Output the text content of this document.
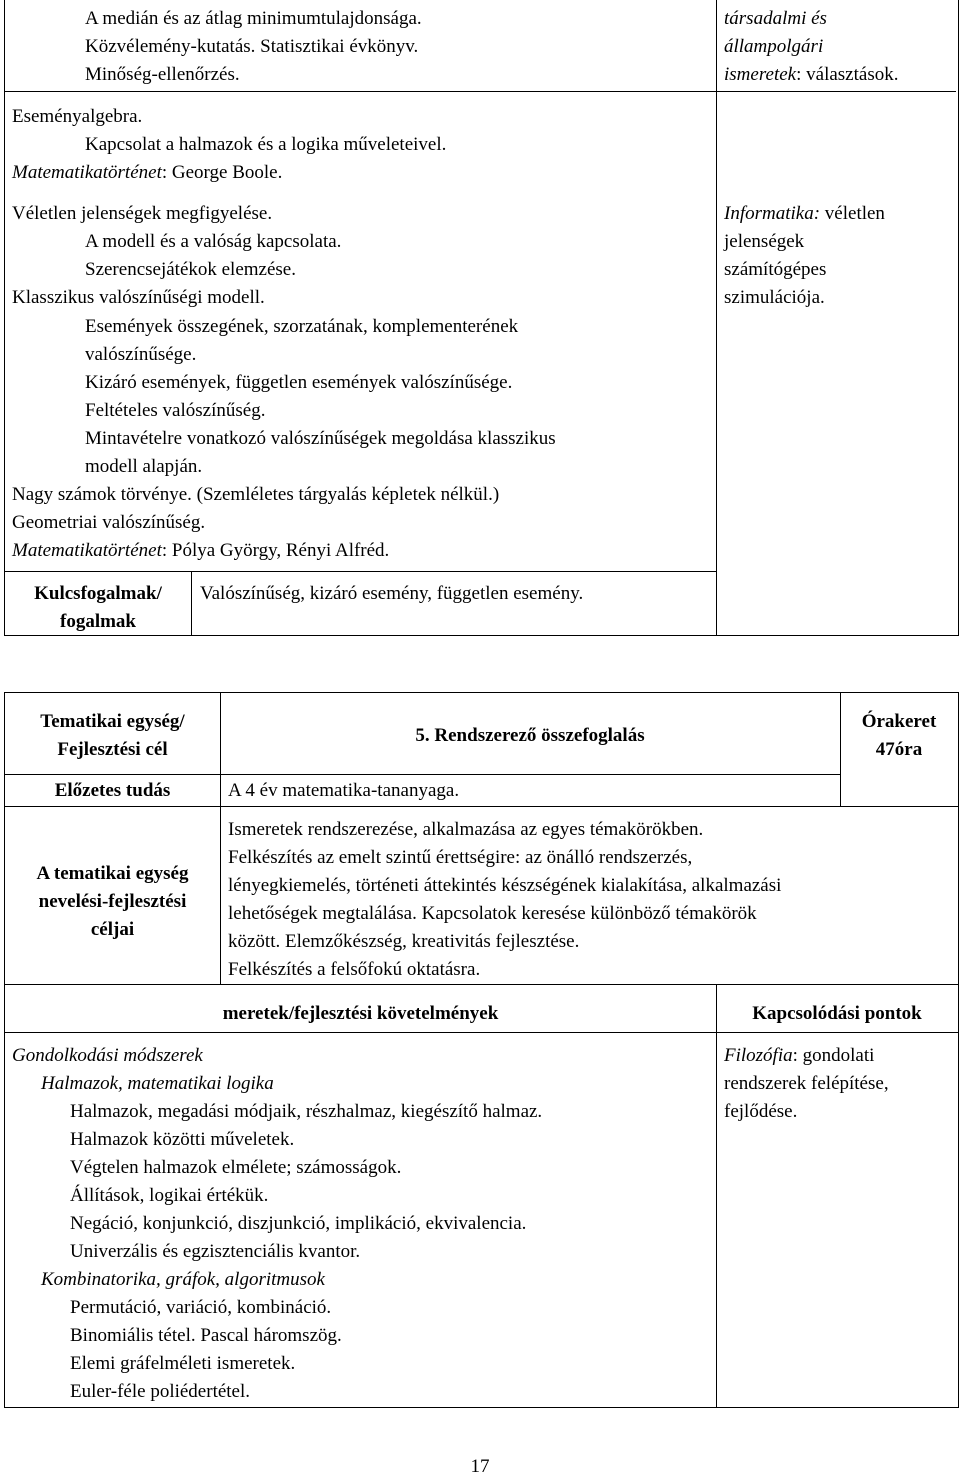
A medián és az átlag minimumtulajdonsága.
Közvélemény-kutatás. Statisztikai évkönyv.
Minőség-ellenőrzés.
Eseményalgebra.
Kapcsolat a halmazok és a logika műveleteivel.
Matematikatörténet: George Boole.
Véletlen jelenségek megfigyelése.
A modell és a valóság kapcsolata.
Szerencsejátékok elemzése.
Klasszikus valószínűségi modell.
Események összegének, szorzatának, komplementerének
valószínűsége.
Kizáró események, független események valószínűsége.
Feltételes valószínűség.
Mintavételre vonatkozó valószínűségek megoldása klasszikus
modell alapján.
Nagy számok törvénye. (Szemléletes tárgyalás képletek nélkül.)
Geometriai valószínűség.
Matematikatörténet: Pólya György, Rényi Alfréd.
társadalmi és
állampolgári
ismeretek: választások.
Informatika: véletlen
jelenségek
számítógépes
szimulációja.
Kulcsfogalmak/
fogalmak
Valószínűség, kizáró esemény, független esemény.
Tematikai egység/
Fejlesztési cél
5. Rendszerező összefoglalás
Órakeret
47óra
Előzetes tudás	A 4 év matematika-tananyaga.
A tematikai egység
nevelési-fejlesztési
céljai
Ismeretek rendszerezése, alkalmazása az egyes témakörökben.
Felkészítés az emelt szintű érettségire: az önálló rendszerzés,
lényegkiemelés, történeti áttekintés készségének kialakítása, alkalmazási
lehetőségek megtalálása. Kapcsolatok keresése különböző témakörök
között. Elemzőkészség, kreativitás fejlesztése.
Felkészítés a felsőfokú oktatásra.
meretek/fejlesztési követelmények	Kapcsolódási pontok
Gondolkodási módszerek
Halmazok, matematikai logika
Halmazok, megadási módjaik, részhalmaz, kiegészítő halmaz.
Halmazok közötti műveletek.
Végtelen halmazok elmélete; számosságok.
Állítások, logikai értékük.
Negáció, konjunkció, diszjunkció, implikáció, ekvivalencia.
Univerzális és egzisztenciális kvantor.
Kombinatorika, gráfok, algoritmusok
Permutáció, variáció, kombináció.
Binomiális tétel. Pascal háromszög.
Elemi gráfelméleti ismeretek.
Euler-féle poliédertétel.
Filozófia: gondolati
rendszerek felépítése,
fejlődése.
17
